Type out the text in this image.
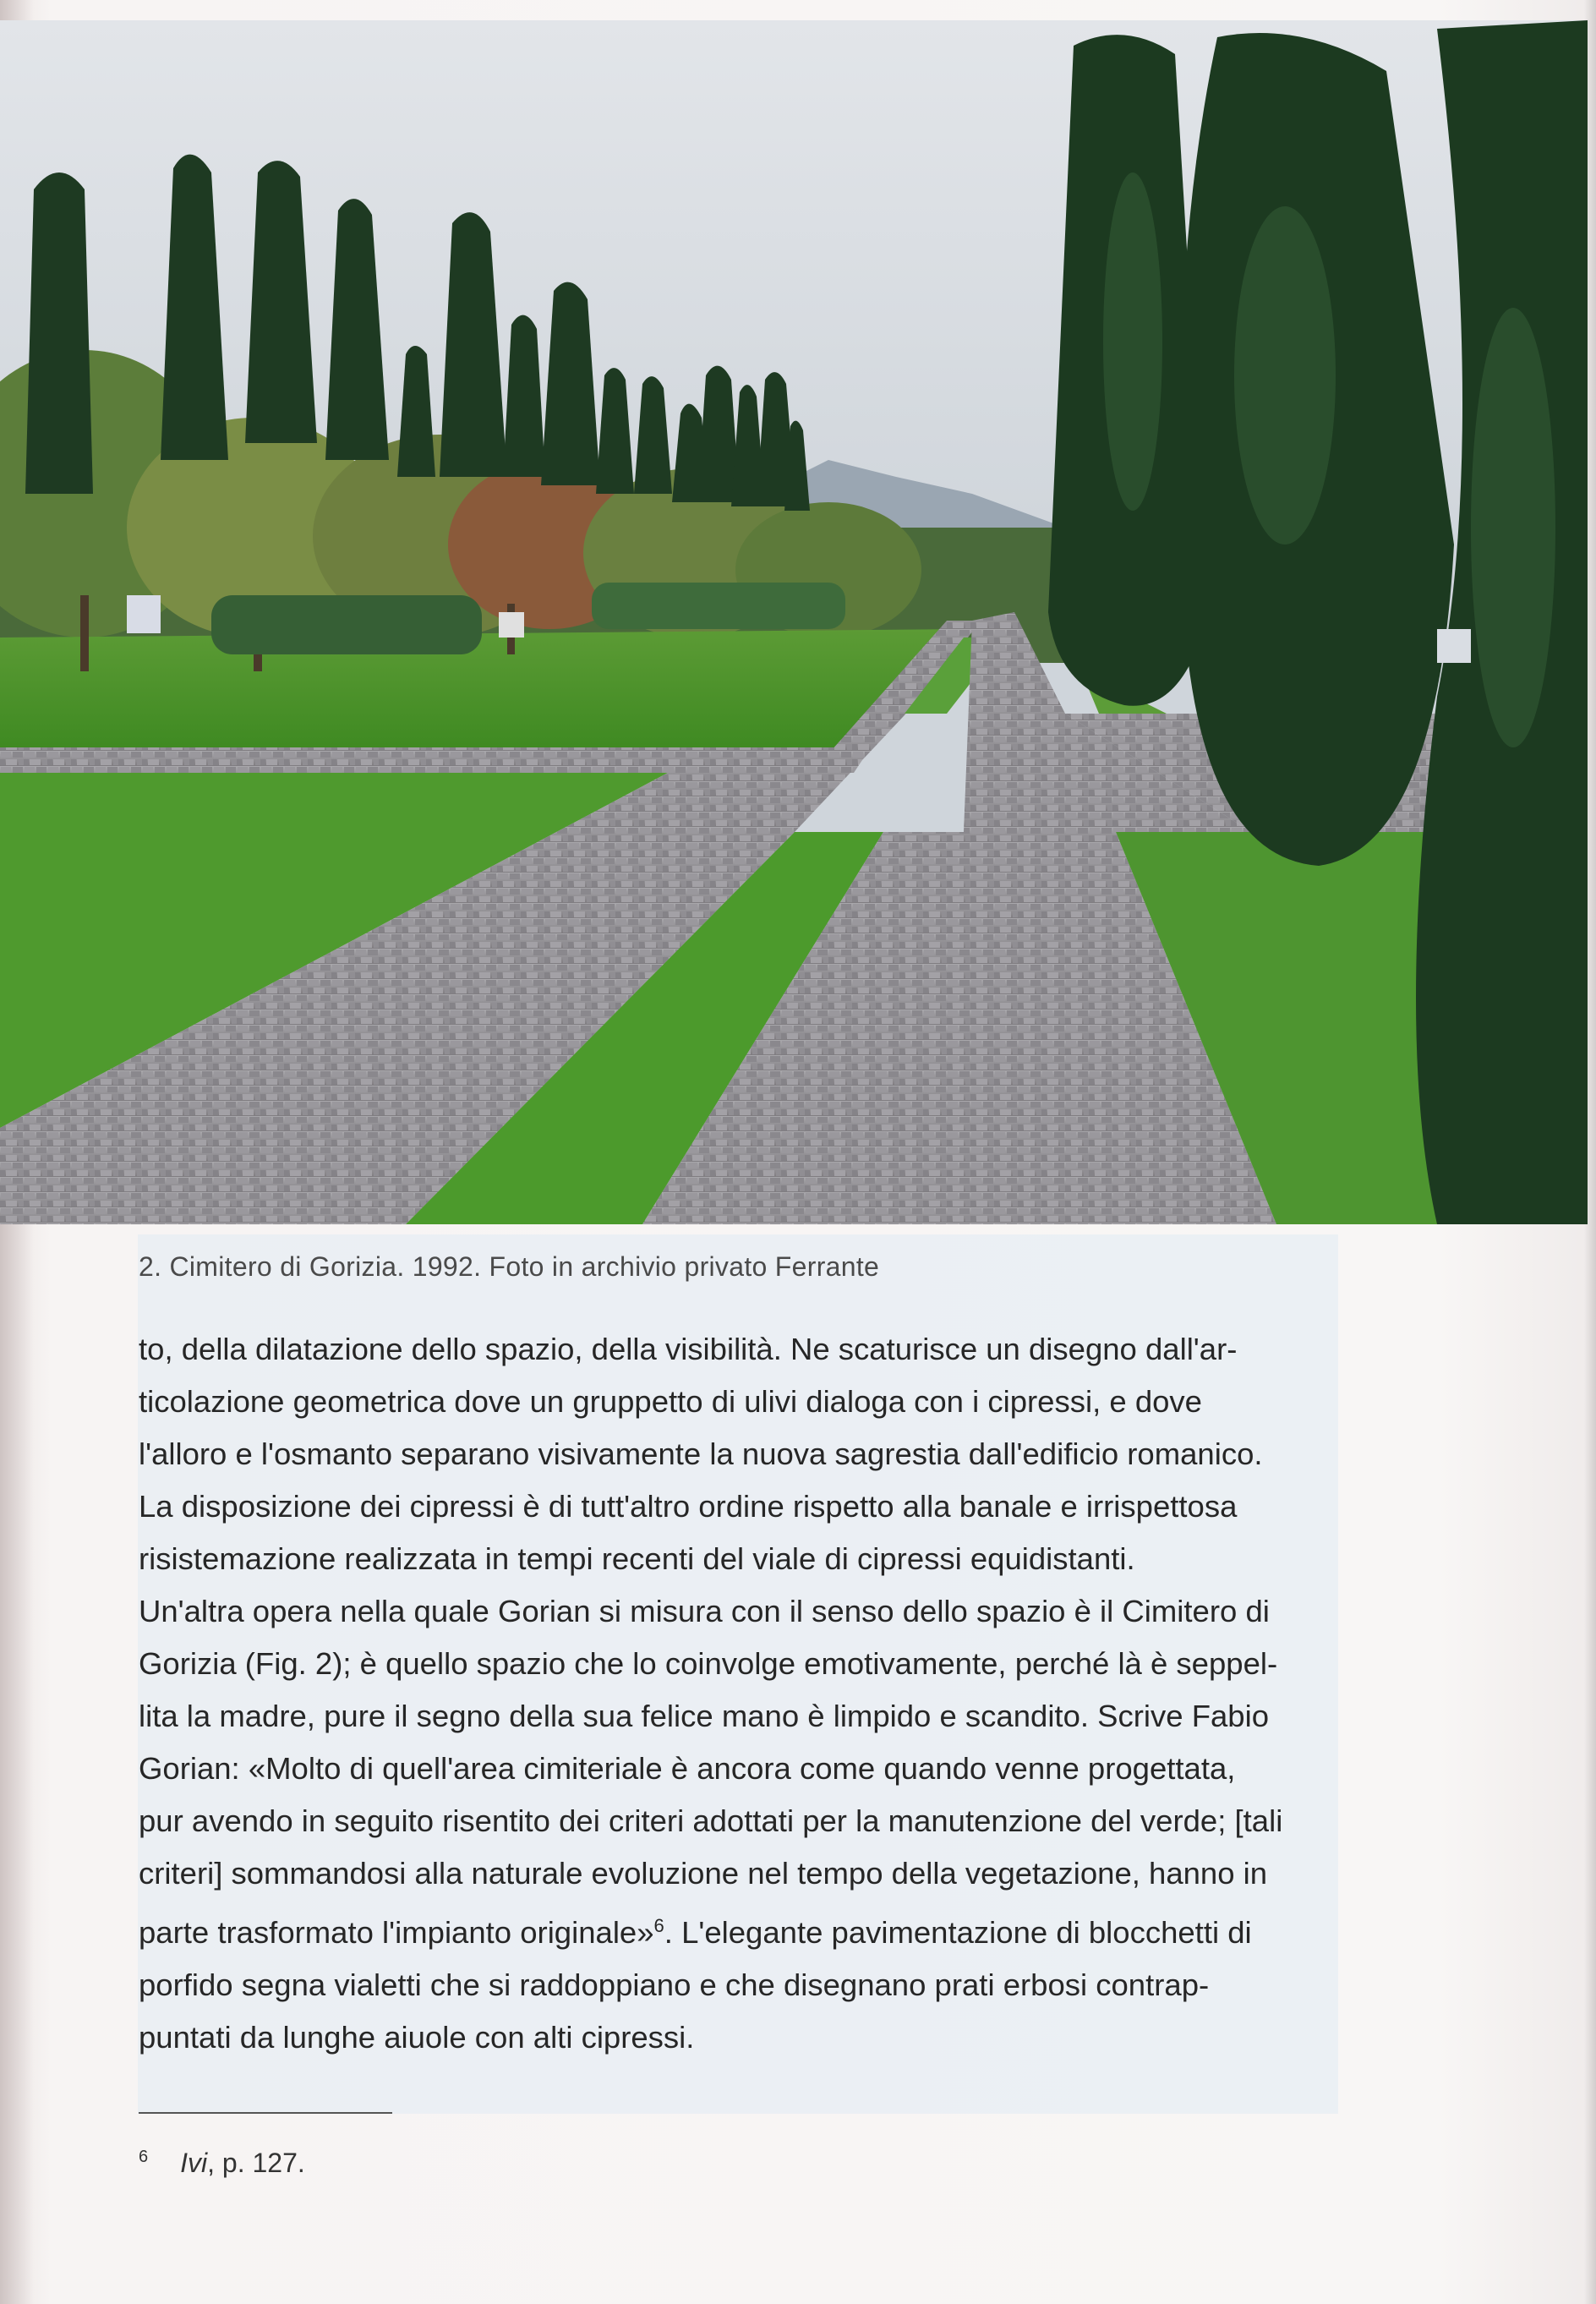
2. Cimitero di Gorizia. 1992. Foto in archivio privato Ferrante

to, della dilatazione dello spazio, della visibilità. Ne scaturisce un disegno dall'ar-
ticolazione geometrica dove un gruppetto di ulivi dialoga con i cipressi, e dove
l'alloro e l'osmanto separano visivamente la nuova sagrestia dall'edificio romanico.
La disposizione dei cipressi è di tutt'altro ordine rispetto alla banale e irrispettosa
risistemazione realizzata in tempi recenti del viale di cipressi equidistanti.
Un'altra opera nella quale Gorian si misura con il senso dello spazio è il Cimitero di
Gorizia (Fig. 2); è quello spazio che lo coinvolge emotivamente, perché là è seppel-
lita la madre, pure il segno della sua felice mano è limpido e scandito. Scrive Fabio
Gorian: «Molto di quell'area cimiteriale è ancora come quando venne progettata,
pur avendo in seguito risentito dei criteri adottati per la manutenzione del verde; [tali
criteri] sommandosi alla naturale evoluzione nel tempo della vegetazione, hanno in
parte trasformato l'impianto originale»$^6$. L'elegante pavimentazione di blocchetti di
porfido segna vialetti che si raddoppiano e che disegnano prati erbosi contrap-
puntati da lunghe aiuole con alti cipressi.

$^6$ Ivi, p. 127.
